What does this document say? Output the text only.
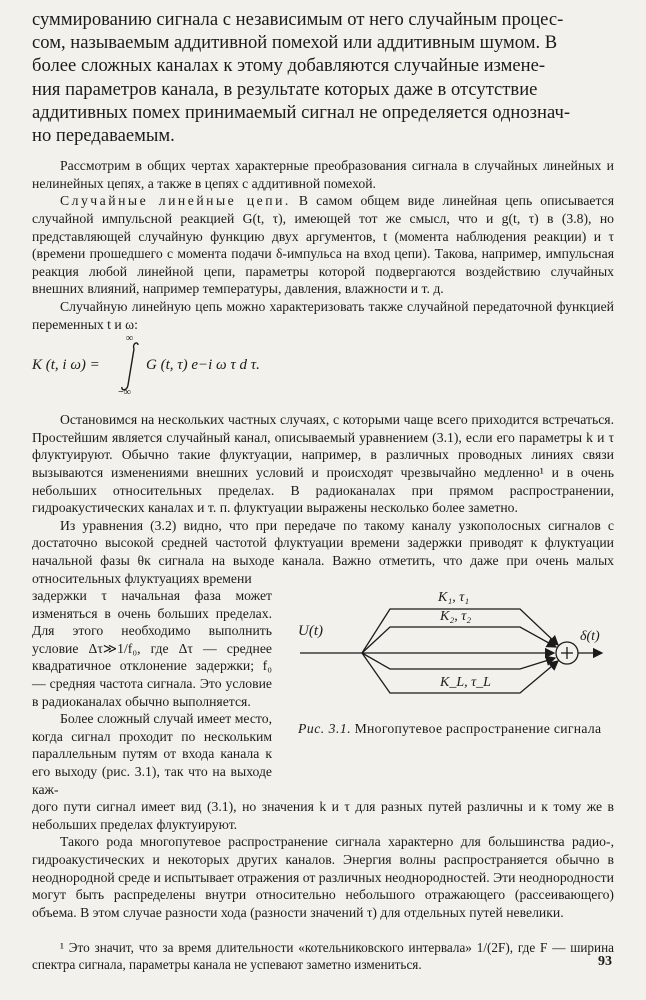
суммированию сигнала с независимым от него случайным процес-

сом, называемым аддитивной помехой или аддитивным шумом. В

более сложных каналах к этому добавляются случайные измене-

ния параметров канала, в результате которых даже в отсутствие

аддитивных помех принимаемый сигнал не определяется однознач-

но передаваемым.

Рассмотрим в общих чертах характерные преобразования сигнала в случайных линейных и нелинейных цепях, а также в цепях с аддитивной помехой.

Случайные линейные цепи. В самом общем виде линейная цепь описывается случайной импульсной реакцией G(t, τ), имеющей тот же смысл, что и g(t, τ) в (3.8), но представляющей случайную функцию двух аргументов, t (момента наблюдения реакции) и τ (времени прошедшего с момента подачи δ-импульса на вход цепи). Такова, например, импульсная реакция любой линейной цепи, параметры которой подвергаются воздействию случайных внешних влияний, например температуры, давления, влажности и т. д.

Случайную линейную цепь можно характеризовать также случайной передаточной функцией переменных t и ω:

K (t, i ω) =
∞
−∞
G (t, τ) e−i ω τ d τ.

Остановимся на нескольких частных случаях, с которыми чаще всего приходится встречаться. Простейшим является случайный канал, описываемый уравнением (3.1), если его параметры k и τ флуктуируют. Обычно такие флуктуации, например, в различных проводных линиях связи вызываются изменениями внешних условий и происходят чрезвычайно медленно¹ и в очень небольших относительных пределах. В радиоканалах при прямом распространении, гидроакустических каналах и т. п. флуктуации выражены несколько более заметно.

Из уравнения (3.2) видно, что при передаче по такому каналу узкополосных сигналов с достаточно высокой средней частотой флуктуации времени задержки приводят к флуктуации начальной фазы θк сигнала на выходе канала. Важно отметить, что даже при очень малых относительных флуктуациях времени

задержки τ начальная фаза может изменяться в очень больших пределах. Для этого необходимо выполнить условие Δτ≫1/f₀, где Δτ — среднее квадратичное отклонение задержки; f₀ — средняя частота сигнала. Это условие в радиоканалах обычно выполняется.

Более сложный случай имеет место, когда сигнал проходит по нескольким параллельным путям от входа канала к его выходу (рис. 3.1), так что на выходе каж-

U(t)	δ(t)
K₁, τ₁
K₂, τ₂
K_L, τ_L

Рис. 3.1. Многопутевое распространение сигнала

дого пути сигнал имеет вид (3.1), но значения k и τ для разных путей различны и к тому же в небольших пределах флуктуируют.

Такого рода многопутевое распространение сигнала характерно для большинства радио-, гидроакустических и некоторых других каналов. Энергия волны распространяется обычно в неоднородной среде и испытывает отражения от различных неоднородностей. Эти неоднородности могут быть распределены внутри относительно небольшого отражающего (рассеивающего) объема. В этом случае разности хода (разности значений τ) для отдельных путей невелики.

¹ Это значит, что за время длительности «котельниковского интервала» 1/(2F), где F — ширина спектра сигнала, параметры канала не успевают заметно измениться.	93
